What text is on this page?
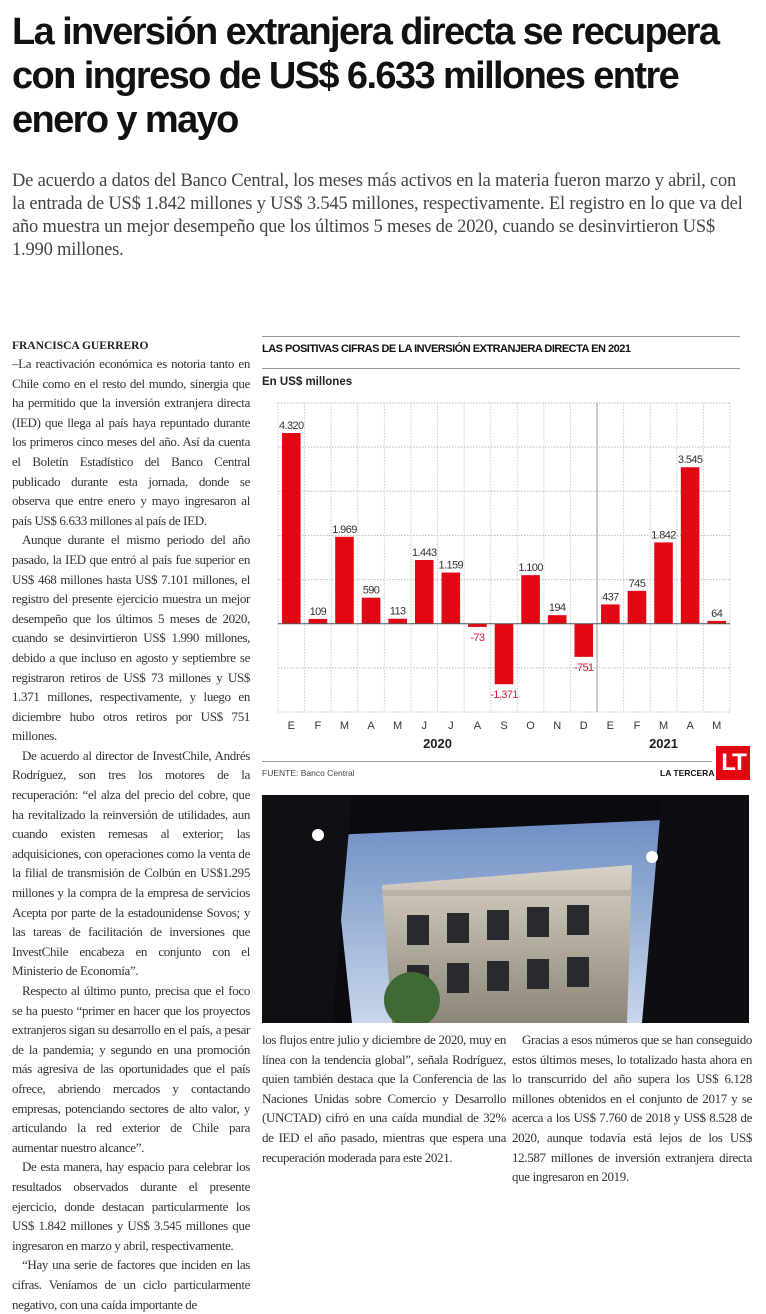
La inversión extranjera directa se recupera con ingreso de US$ 6.633 millones entre enero y mayo

De acuerdo a datos del Banco Central, los meses más activos en la materia fueron marzo y abril, con la entrada de US$ 1.842 millones y US$ 3.545 millones, respectivamente. El registro en lo que va del año muestra un mejor desempeño que los últimos 5 meses de 2020, cuando se desinvirtieron US$ 1.990 millones.

FRANCISCA GUERRERO

–La reactivación económica es notoria tanto en Chile como en el resto del mundo, sinergia que ha permitido que la inversión extranjera directa (IED) que llega al país haya repuntado durante los primeros cinco meses del año. Así da cuenta el Boletín Estadístico del Banco Central publicado durante esta jornada, donde se observa que entre enero y mayo ingresaron al país US$ 6.633 millones al país de IED.

Aunque durante el mismo periodo del año pasado, la IED que entró al país fue superior en US$ 468 millones hasta US$ 7.101 millones, el registro del presente ejercicio muestra un mejor desempeño que los últimos 5 meses de 2020, cuando se desinvirtieron US$ 1.990 millones, debido a que incluso en agosto y septiembre se registraron retiros de US$ 73 millones y US$ 1.371 millones, respectivamente, y luego en diciembre hubo otros retiros por US$ 751 millones.

De acuerdo al director de InvestChile, Andrés Rodríguez, son tres los motores de la recuperación: “el alza del precio del cobre, que ha revitalizado la reinversión de utilidades, aun cuando existen remesas al exterior; las adquisiciones, con operaciones como la venta de la filial de transmisión de Colbún en US$1.295 millones y la compra de la empresa de servicios Acepta por parte de la estadounidense Sovos; y las tareas de facilitación de inversiones que InvestChile encabeza en conjunto con el Ministerio de Economía”.

Respecto al último punto, precisa que el foco se ha puesto “primer en hacer que los proyectos extranjeros sigan su desarrollo en el país, a pesar de la pandemia; y segundo en una promoción más agresiva de las oportunidades que el país ofrece, abriendo mercados y contactando empresas, potenciando sectores de alto valor, y articulando la red exterior de Chile para aumentar nuestro alcance”.

De esta manera, hay espacio para celebrar los resultados observados durante el presente ejercicio, donde destacan particularmente los US$ 1.842 millones y US$ 3.545 millones que ingresaron en marzo y abril, respectivamente.

“Hay una serie de factores que inciden en las cifras. Veníamos de un ciclo particularmente negativo, con una caída importante de

LAS POSITIVAS CIFRAS DE LA INVERSIÓN EXTRANJERA DIRECTA EN 2021
En US$ millones
4.320
E
109
F
1.969
M
590
A
113
M
1.443
J
1.159
J
-73
A
-1.371
S
1.100
O
194
N
-751
D
437
E
745
F
1.842
M
3.545
A
64
M
2020	2021
FUENTE: Banco Central	LA TERCERA LT

los flujos entre julio y diciembre de 2020, muy en línea con la tendencia global”, señala Rodríguez, quien también destaca que la Conferencia de las Naciones Unidas sobre Comercio y Desarrollo (UNCTAD) cifró en una caída mundial de 32% de IED el año pasado, mientras que espera una recuperación moderada para este 2021.

Gracias a esos números que se han conseguido estos últimos meses, lo totalizado hasta ahora en lo transcurrido del año supera los US$ 6.128 millones obtenidos en el conjunto de 2017 y se acerca a los US$ 7.760 de 2018 y US$ 8.528 de 2020, aunque todavía está lejos de los US$ 12.587 millones de inversión extranjera directa que ingresaron en 2019.
